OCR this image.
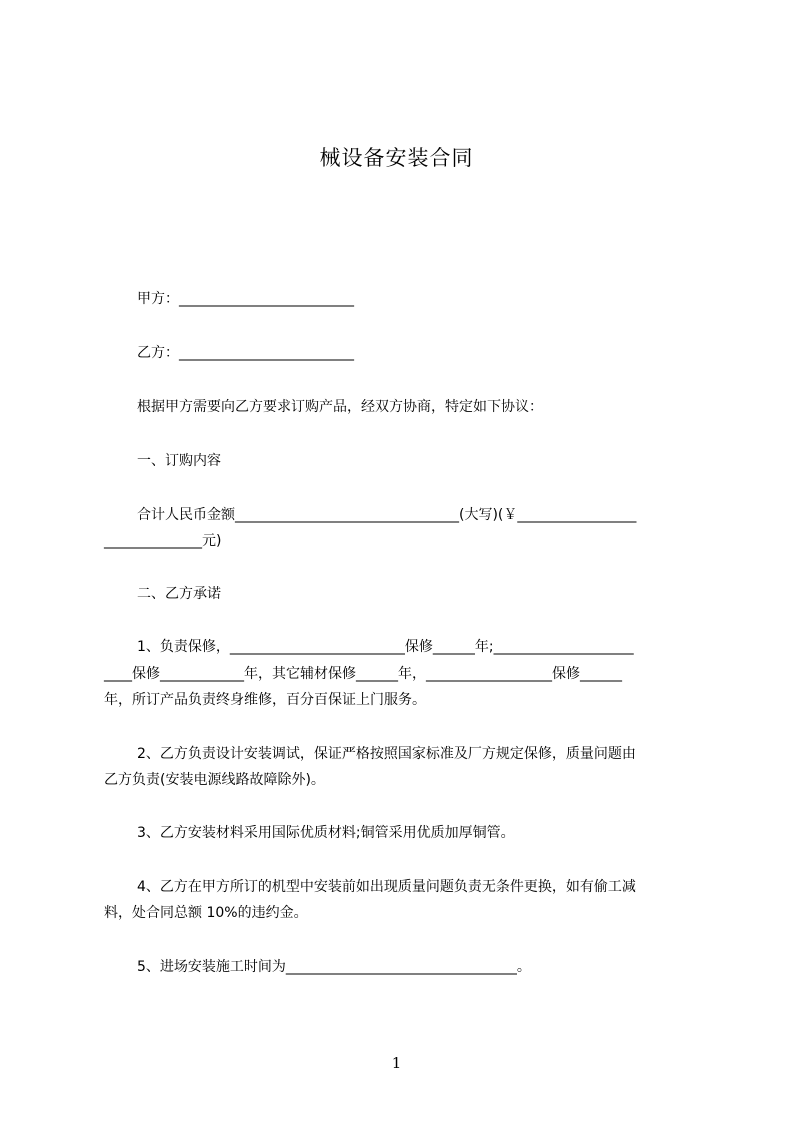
械设备安装合同
甲方：_________________________
乙方：_________________________
根据甲方需要向乙方要求订购产品，经双方协商，特定如下协议：
一、订购内容
合计人民币金额________________________________(大写)(￥_________________
______________元)
二、乙方承诺
1、负责保修，_________________________保修______年;____________________
____保修____________年，其它辅材保修______年，__________________保修______
年，所订产品负责终身维修，百分百保证上门服务。
2、乙方负责设计安装调试，保证严格按照国家标准及厂方规定保修，质量问题由
乙方负责(安装电源线路故障除外)。
3、乙方安装材料采用国际优质材料;铜管采用优质加厚铜管。
4、乙方在甲方所订的机型中安装前如出现质量问题负责无条件更换，如有偷工减
料，处合同总额 10%的违约金。
5、进场安装施工时间为_________________________________。
1
